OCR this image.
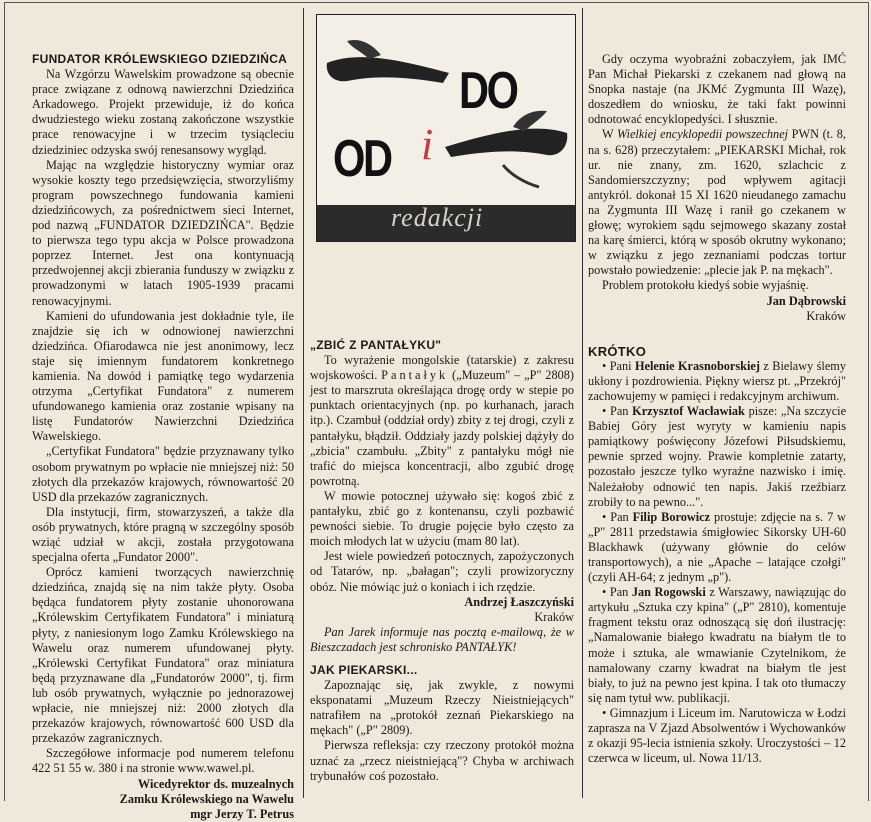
FUNDATOR KRÓLEWSKIEGO DZIEDZIŃCA

Na Wzgórzu Wawelskim prowadzone są obecnie prace związane z odnową nawierzchni Dziedzińca Arkadowego. Projekt przewiduje, iż do końca dwudziestego wieku zostaną zakończone wszystkie prace renowacyjne i w trzecim tysiącleciu dziedziniec odzyska swój renesansowy wygląd.

Mając na względzie historyczny wymiar oraz wysokie koszty tego przedsięwzięcia, stworzyliśmy program powszechnego fundowania kamieni dziedzińcowych, za pośrednictwem sieci Internet, pod nazwą „FUNDATOR DZIEDZIŃCA". Będzie to pierwsza tego typu akcja w Polsce prowadzona poprzez Internet. Jest ona kontynuacją przedwojennej akcji zbierania funduszy w związku z prowadzonymi w latach 1905-1939 pracami renowacyjnymi.

Kamieni do ufundowania jest dokładnie tyle, ile znajdzie się ich w odnowionej nawierzchni dziedzińca. Ofiarodawca nie jest anonimowy, lecz staje się imiennym fundatorem konkretnego kamienia. Na dowód i pamiątkę tego wydarzenia otrzyma „Certyfikat Fundatora" z numerem ufundowanego kamienia oraz zostanie wpisany na listę Fundatorów Nawierzchni Dziedzińca Wawelskiego.

„Certyfikat Fundatora" będzie przyznawany tylko osobom prywatnym po wpłacie nie mniejszej niż: 50 złotych dla przekazów krajowych, równowartość 20 USD dla przekazów zagranicznych.

Dla instytucji, firm, stowarzyszeń, a także dla osób prywatnych, które pragną w szczególny sposób wziąć udział w akcji, została przygotowana specjalna oferta „Fundator 2000".

Oprócz kamieni tworzących nawierzchnię dziedzińca, znajdą się na nim także płyty. Osoba będąca fundatorem płyty zostanie uhonorowana „Królewskim Certyfikatem Fundatora" i miniaturą płyty, z naniesionym logo Zamku Królewskiego na Wawelu oraz numerem ufundowanej płyty. „Królewski Certyfikat Fundatora" oraz miniatura będą przyznawane dla „Fundatorów 2000", tj. firm lub osób prywatnych, wyłącznie po jednorazowej wpłacie, nie mniejszej niż: 2000 złotych dla przekazów krajowych, równowartość 600 USD dla przekazów zagranicznych.

Szczegółowe informacje pod numerem telefonu 422 51 55 w. 380 i na stronie www.wawel.pl.

Wicedyrektor ds. muzealnych
Zamku Królewskiego na Wawelu
mgr Jerzy T. Petrus
DO
i
OD
redakcji
„ZBIĆ Z PANTAŁYKU"

To wyrażenie mongolskie (tatarskie) z zakresu wojskowości. Pantałyk („Muzeum" – „P" 2808) jest to marszruta określająca drogę ordy w stepie po punktach orientacyjnych (np. po kurhanach, jarach itp.). Czambuł (oddział ordy) zbity z tej drogi, czyli z pantałyku, błądził. Oddziały jazdy polskiej dążyły do „zbicia" czambułu. „Zbity" z pantałyku mógł nie trafić do miejsca koncentracji, albo zgubić drogę powrotną.

W mowie potocznej używało się: kogoś zbić z pantałyku, zbić go z kontenansu, czyli pozbawić pewności siebie. To drugie pojęcie było często za moich młodych lat w użyciu (mam 80 lat).

Jest wiele powiedzeń potocznych, zapożyczonych od Tatarów, np. „bałagan"; czyli prowizoryczny obóz. Nie mówiąc już o koniach i ich rzędzie.

Andrzej Łaszczyński
Kraków

Pan Jarek informuje nas pocztą e-mailową, że w Bieszczadach jest schronisko PANTAŁYK!

JAK PIEKARSKI...

Zapoznając się, jak zwykle, z nowymi eksponatami „Muzeum Rzeczy Nieistniejących" natrafiłem na „protokół zeznań Piekarskiego na mękach" („P" 2809).

Pierwsza refleksja: czy rzeczony protokół można uznać za „rzecz nieistniejącą"? Chyba w archiwach trybunałów coś pozostało.

Gdy oczyma wyobraźni zobaczyłem, jak IMĆ Pan Michał Piekarski z czekanem nad głową na Snopka nastaje (na JKMć Zygmunta III Wazę), doszedłem do wniosku, że taki fakt powinni odnotować encyklopedyści. I słusznie.

W Wielkiej encyklopedii powszechnej PWN (t. 8, na s. 628) przeczytałem: „PIEKARSKI Michał, rok ur. nie znany, zm. 1620, szlachcic z Sandomierszczyzny; pod wpływem agitacji antykról. dokonał 15 XI 1620 nieudanego zamachu na Zygmunta III Wazę i ranił go czekanem w głowę; wyrokiem sądu sejmowego skazany został na karę śmierci, którą w sposób okrutny wykonano; w związku z jego zeznaniami podczas tortur powstało powiedzenie: „plecie jak P. na mękach".

Problem protokołu kiedyś sobie wyjaśnię.

Jan Dąbrowski
Kraków
KRÓTKO

• Pani Helenie Krasnoborskiej z Bielawy ślemy ukłony i pozdrowienia. Piękny wiersz pt. „Przekrój" zachowujemy w pamięci i redakcyjnym archiwum.

• Pan Krzysztof Wacławiak pisze: „Na szczycie Babiej Góry jest wyryty w kamieniu napis pamiątkowy poświęcony Józefowi Piłsudskiemu, pewnie sprzed wojny. Prawie kompletnie zatarty, pozostało jeszcze tylko wyraźne nazwisko i imię. Należałoby odnowić ten napis. Jakiś rzeźbiarz zrobiły to na pewno...".

• Pan Filip Borowicz prostuje: zdjęcie na s. 7 w „P" 2811 przedstawia śmigłowiec Sikorsky UH-60 Blackhawk (używany głównie do celów transportowych), a nie „Apache – latające czołgi" (czyli AH-64; z jednym „p").

• Pan Jan Rogowski z Warszawy, nawiązując do artykułu „Sztuka czy kpina" („P" 2810), komentuje fragment tekstu oraz odnoszącą się doń ilustrację: „Namalowanie białego kwadratu na białym tle to może i sztuka, ale wmawianie Czytelnikom, że namalowany czarny kwadrat na białym tle jest biały, to już na pewno jest kpina. I tak oto tłumaczy się nam tytuł ww. publikacji.

• Gimnazjum i Liceum im. Narutowicza w Łodzi zaprasza na V Zjazd Absolwentów i Wychowanków z okazji 95-lecia istnienia szkoły. Uroczystości – 12 czerwca w liceum, ul. Nowa 11/13.
